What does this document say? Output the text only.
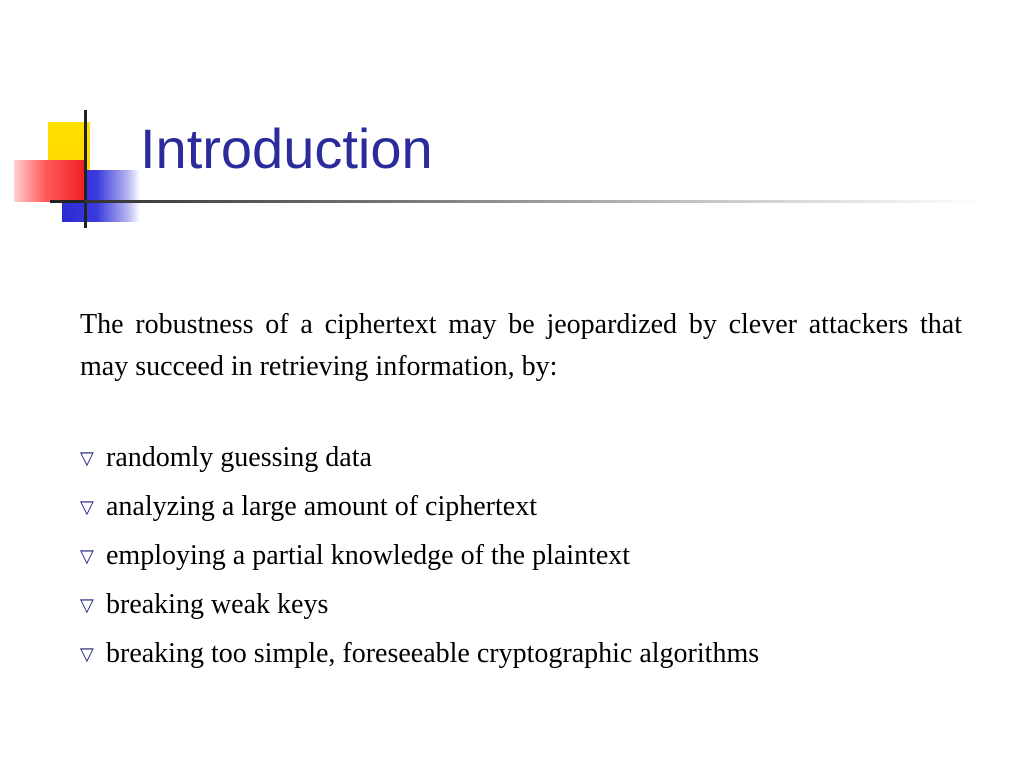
Introduction

The robustness of a ciphertext may be jeopardized by clever attackers that may succeed in retrieving information, by:

▽ randomly guessing data
▽ analyzing a large amount of ciphertext
▽ employing a partial knowledge of the plaintext
▽ breaking weak keys
▽ breaking too simple, foreseeable cryptographic algorithms
